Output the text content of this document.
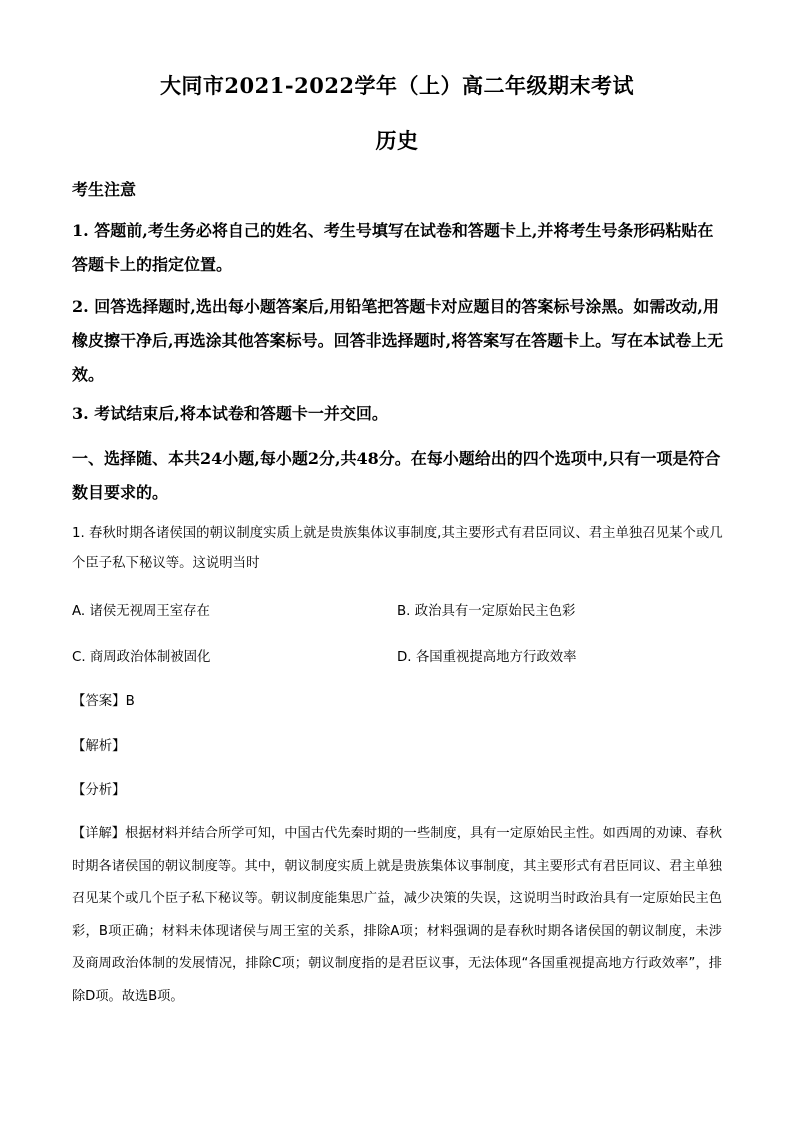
大同市2021-2022学年（上）高二年级期末考试
历史
考生注意
1. 答题前,考生务必将自己的姓名、考生号填写在试卷和答题卡上,并将考生号条形码粘贴在答题卡上的指定位置。
2. 回答选择题时,选出每小题答案后,用铅笔把答题卡对应题目的答案标号涂黑。如需改动,用橡皮擦干净后,再选涂其他答案标号。回答非选择题时,将答案写在答题卡上。写在本试卷上无效。
3. 考试结束后,将本试卷和答题卡一并交回。
一、选择随、本共24小题,每小题2分,共48分。在每小题给出的四个选项中,只有一项是符合数目要求的。
1. 春秋时期各诸侯国的朝议制度实质上就是贵族集体议事制度,其主要形式有君臣同议、君主单独召见某个或几个臣子私下秘议等。这说明当时
A. 诸侯无视周王室存在	B. 政治具有一定原始民主色彩
C. 商周政治体制被固化	D. 各国重视提高地方行政效率
【答案】B
【解析】
【分析】
【详解】根据材料并结合所学可知，中国古代先秦时期的一些制度，具有一定原始民主性。如西周的劝谏、春秋时期各诸侯国的朝议制度等。其中，朝议制度实质上就是贵族集体议事制度，其主要形式有君臣同议、君主单独召见某个或几个臣子私下秘议等。朝议制度能集思广益，减少决策的失误，这说明当时政治具有一定原始民主色彩，B项正确；材料未体现诸侯与周王室的关系，排除A项；材料强调的是春秋时期各诸侯国的朝议制度，未涉及商周政治体制的发展情况，排除C项；朝议制度指的是君臣议事，无法体现“各国重视提高地方行政效率”，排除D项。故选B项。
